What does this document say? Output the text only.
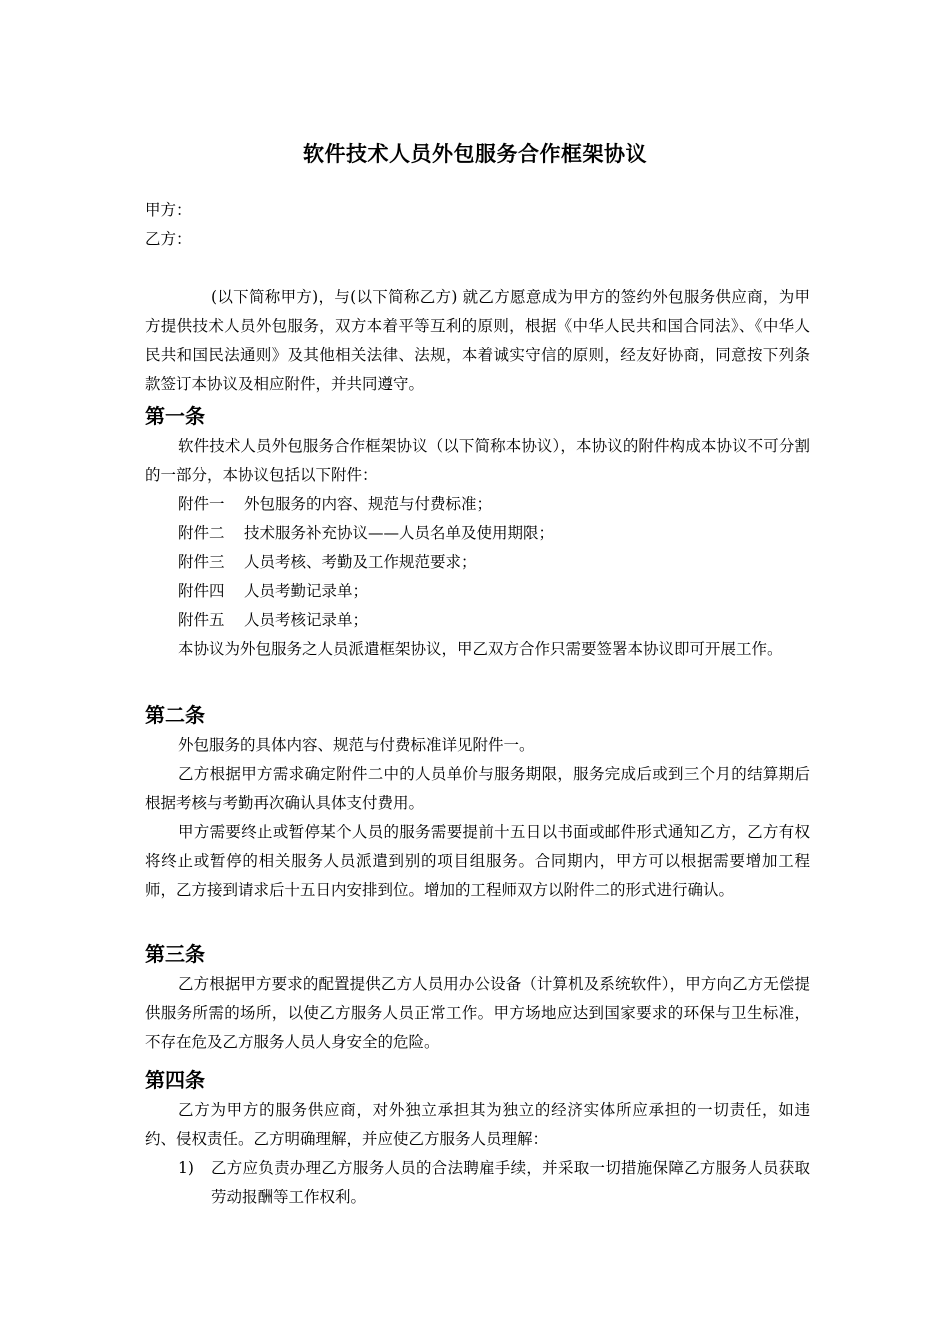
软件技术人员外包服务合作框架协议
甲方：
乙方：

(以下简称甲方)，与(以下简称乙方) 就乙方愿意成为甲方的签约外包服务供应商，为甲方提供技术人员外包服务，双方本着平等互利的原则，根据《中华人民共和国合同法》、《中华人民共和国民法通则》及其他相关法律、法规，本着诚实守信的原则，经友好协商，同意按下列条款签订本协议及相应附件，并共同遵守。

第一条

软件技术人员外包服务合作框架协议（以下简称本协议），本协议的附件构成本协议不可分割的一部分，本协议包括以下附件：

附件一 外包服务的内容、规范与付费标准；

附件二 技术服务补充协议——人员名单及使用期限；

附件三 人员考核、考勤及工作规范要求；

附件四 人员考勤记录单；

附件五 人员考核记录单；

本协议为外包服务之人员派遣框架协议，甲乙双方合作只需要签署本协议即可开展工作。

第二条

外包服务的具体内容、规范与付费标准详见附件一。

乙方根据甲方需求确定附件二中的人员单价与服务期限，服务完成后或到三个月的结算期后根据考核与考勤再次确认具体支付费用。

甲方需要终止或暂停某个人员的服务需要提前十五日以书面或邮件形式通知乙方，乙方有权将终止或暂停的相关服务人员派遣到别的项目组服务。合同期内，甲方可以根据需要增加工程师，乙方接到请求后十五日内安排到位。增加的工程师双方以附件二的形式进行确认。

第三条

乙方根据甲方要求的配置提供乙方人员用办公设备（计算机及系统软件），甲方向乙方无偿提供服务所需的场所，以使乙方服务人员正常工作。甲方场地应达到国家要求的环保与卫生标准，不存在危及乙方服务人员人身安全的危险。

第四条

乙方为甲方的服务供应商，对外独立承担其为独立的经济实体所应承担的一切责任，如违约、侵权责任。乙方明确理解，并应使乙方服务人员理解：

1) 乙方应负责办理乙方服务人员的合法聘雇手续，并采取一切措施保障乙方服务人员获取劳动报酬等工作权利。
